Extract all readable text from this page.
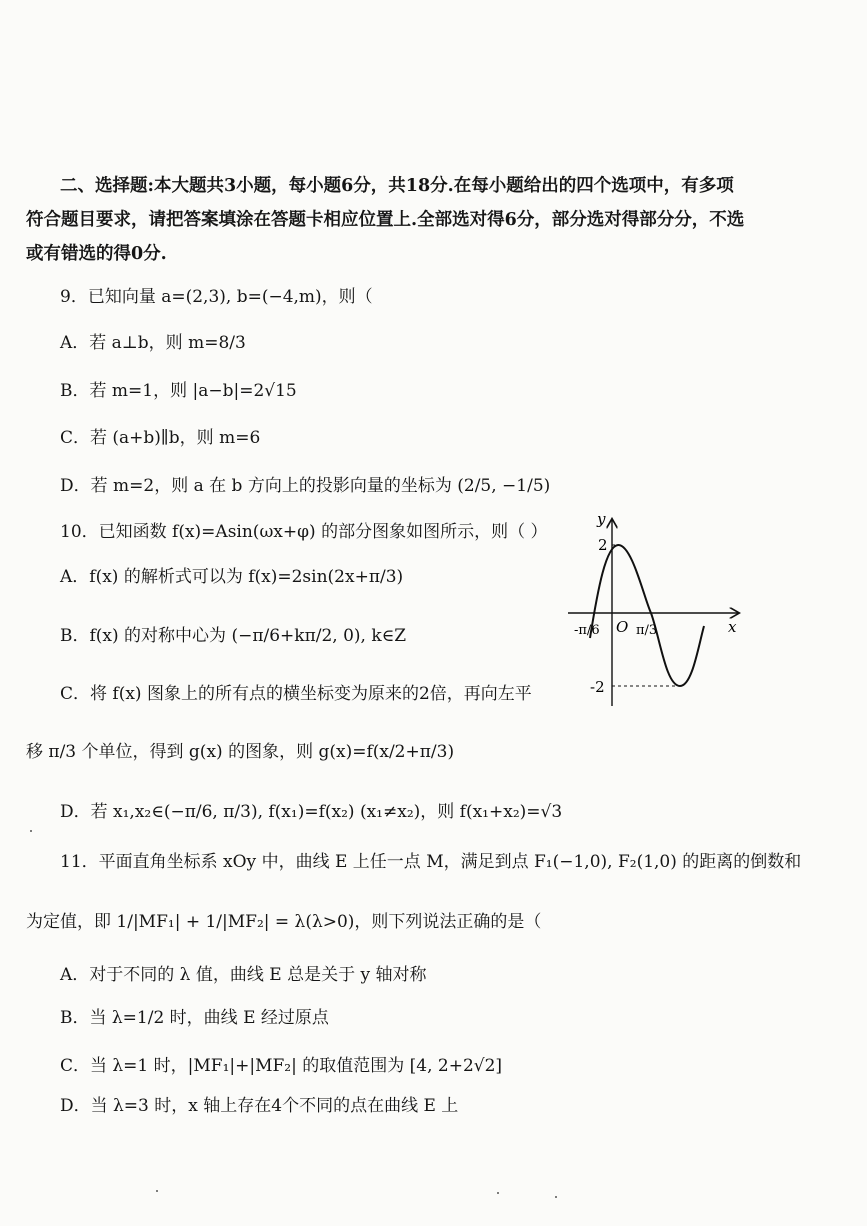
二、选择题:本大题共3小题，每小题6分，共18分.在每小题给出的四个选项中，有多项
符合题目要求，请把答案填涂在答题卡相应位置上.全部选对得6分，部分选对得部分分，不选
或有错选的得0分.
9．已知向量 a=(2,3), b=(−4,m)，则（
A．若 a⊥b，则 m=8/3
B．若 m=1，则 |a−b|=2√15
C．若 (a+b)∥b，则 m=6
D．若 m=2，则 a 在 b 方向上的投影向量的坐标为 (2/5, −1/5)
10．已知函数 f(x)=Asin(ωx+φ) 的部分图象如图所示，则（ ）
A．f(x) 的解析式可以为 f(x)=2sin(2x+π/3)
B．f(x) 的对称中心为 (−π/6+kπ/2, 0), k∈Z
C．将 f(x) 图象上的所有点的横坐标变为原来的2倍，再向左平
移 π/3 个单位，得到 g(x) 的图象，则 g(x)=f(x/2+π/3)
D．若 x₁,x₂∈(−π/6, π/3), f(x₁)=f(x₂) (x₁≠x₂)，则 f(x₁+x₂)=√3
y
x
O
2
-2
-π/6	π/3
11．平面直角坐标系 xOy 中，曲线 E 上任一点 M，满足到点 F₁(−1,0), F₂(1,0) 的距离的倒数和
为定值，即 1/|MF₁| + 1/|MF₂| = λ(λ>0)，则下列说法正确的是（
A．对于不同的 λ 值，曲线 E 总是关于 y 轴对称
B．当 λ=1/2 时，曲线 E 经过原点
C．当 λ=1 时，|MF₁|+|MF₂| 的取值范围为 [4, 2+2√2]
D．当 λ=3 时，x 轴上存在4个不同的点在曲线 E 上
